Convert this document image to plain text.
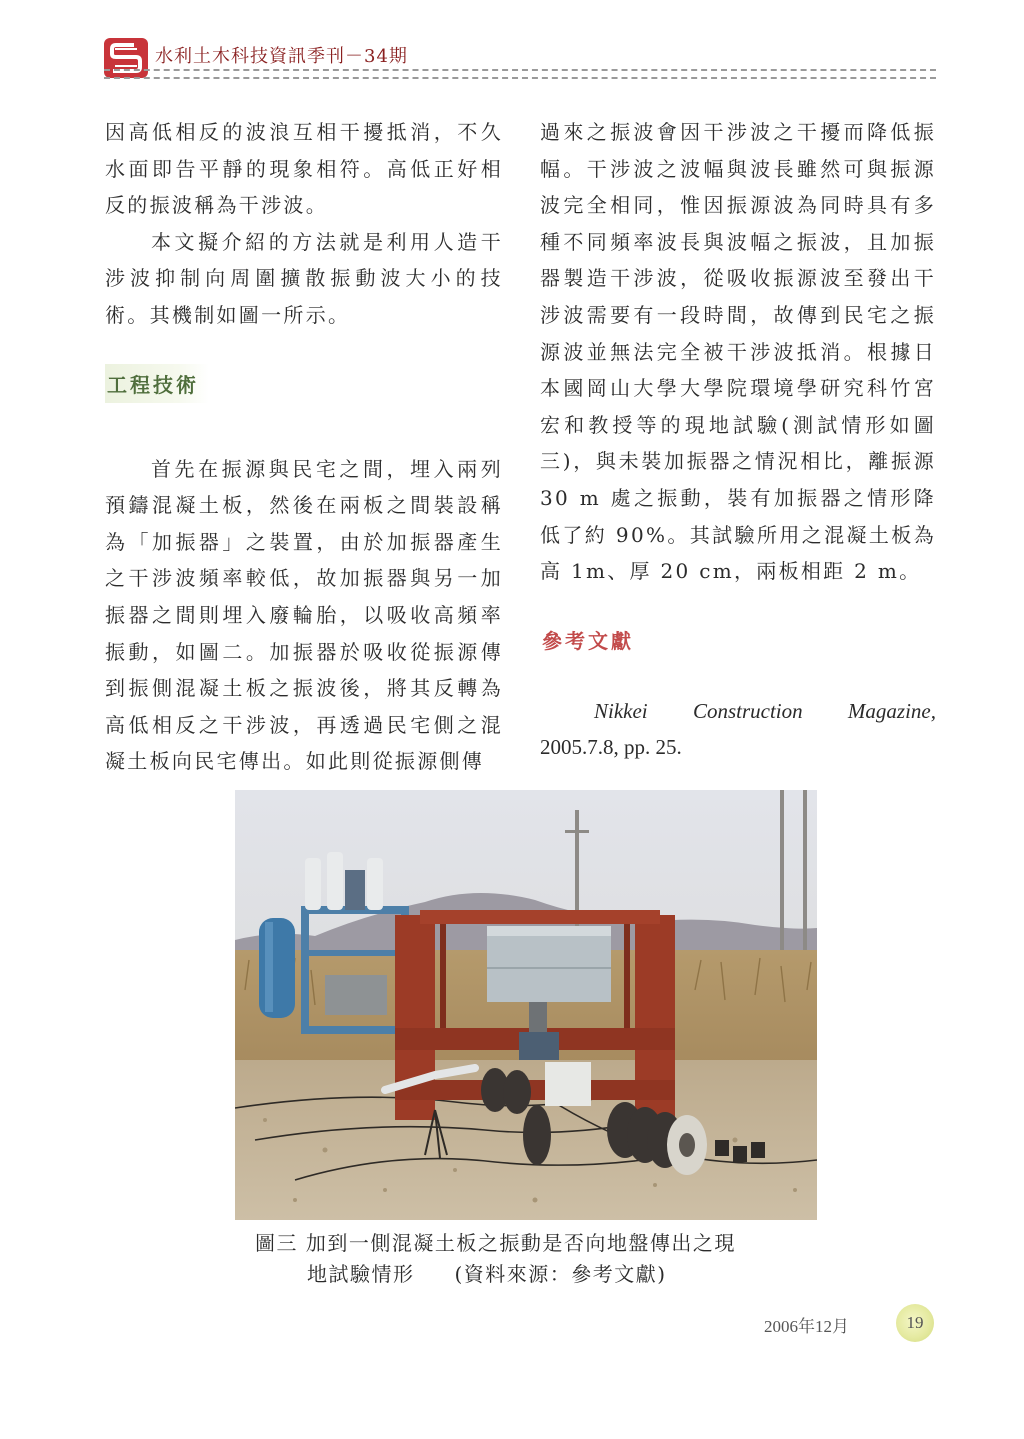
水利土木科技資訊季刊－34期

因高低相反的波浪互相干擾抵消，不久水面即告平靜的現象相符。高低正好相反的振波稱為干涉波。

本文擬介紹的方法就是利用人造干涉波抑制向周圍擴散振動波大小的技術。其機制如圖一所示。

工程技術

首先在振源與民宅之間，埋入兩列預鑄混凝土板，然後在兩板之間裝設稱為「加振器」之裝置，由於加振器產生之干涉波頻率較低，故加振器與另一加振器之間則埋入廢輪胎，以吸收高頻率振動，如圖二。加振器於吸收從振源傳到振側混凝土板之振波後，將其反轉為高低相反之干涉波，再透過民宅側之混凝土板向民宅傳出。如此則從振源側傳

過來之振波會因干涉波之干擾而降低振幅。干涉波之波幅與波長雖然可與振源波完全相同，惟因振源波為同時具有多種不同頻率波長與波幅之振波，且加振器製造干涉波，從吸收振源波至發出干涉波需要有一段時間，故傳到民宅之振源波並無法完全被干涉波抵消。根據日本國岡山大學大學院環境學研究科竹宮宏和教授等的現地試驗(測試情形如圖三)，與未裝加振器之情況相比，離振源 30 m 處之振動，裝有加振器之情形降低了約 90%。其試驗所用之混凝土板為高 1m、厚 20 cm，兩板相距 2 m。

參考文獻
Nikkei Construction Magazine,
2005.7.8, pp. 25.
圖三 加到一側混凝土板之振動是否向地盤傳出之現
地試驗情形 (資料來源：參考文獻)
2006年12月	19
